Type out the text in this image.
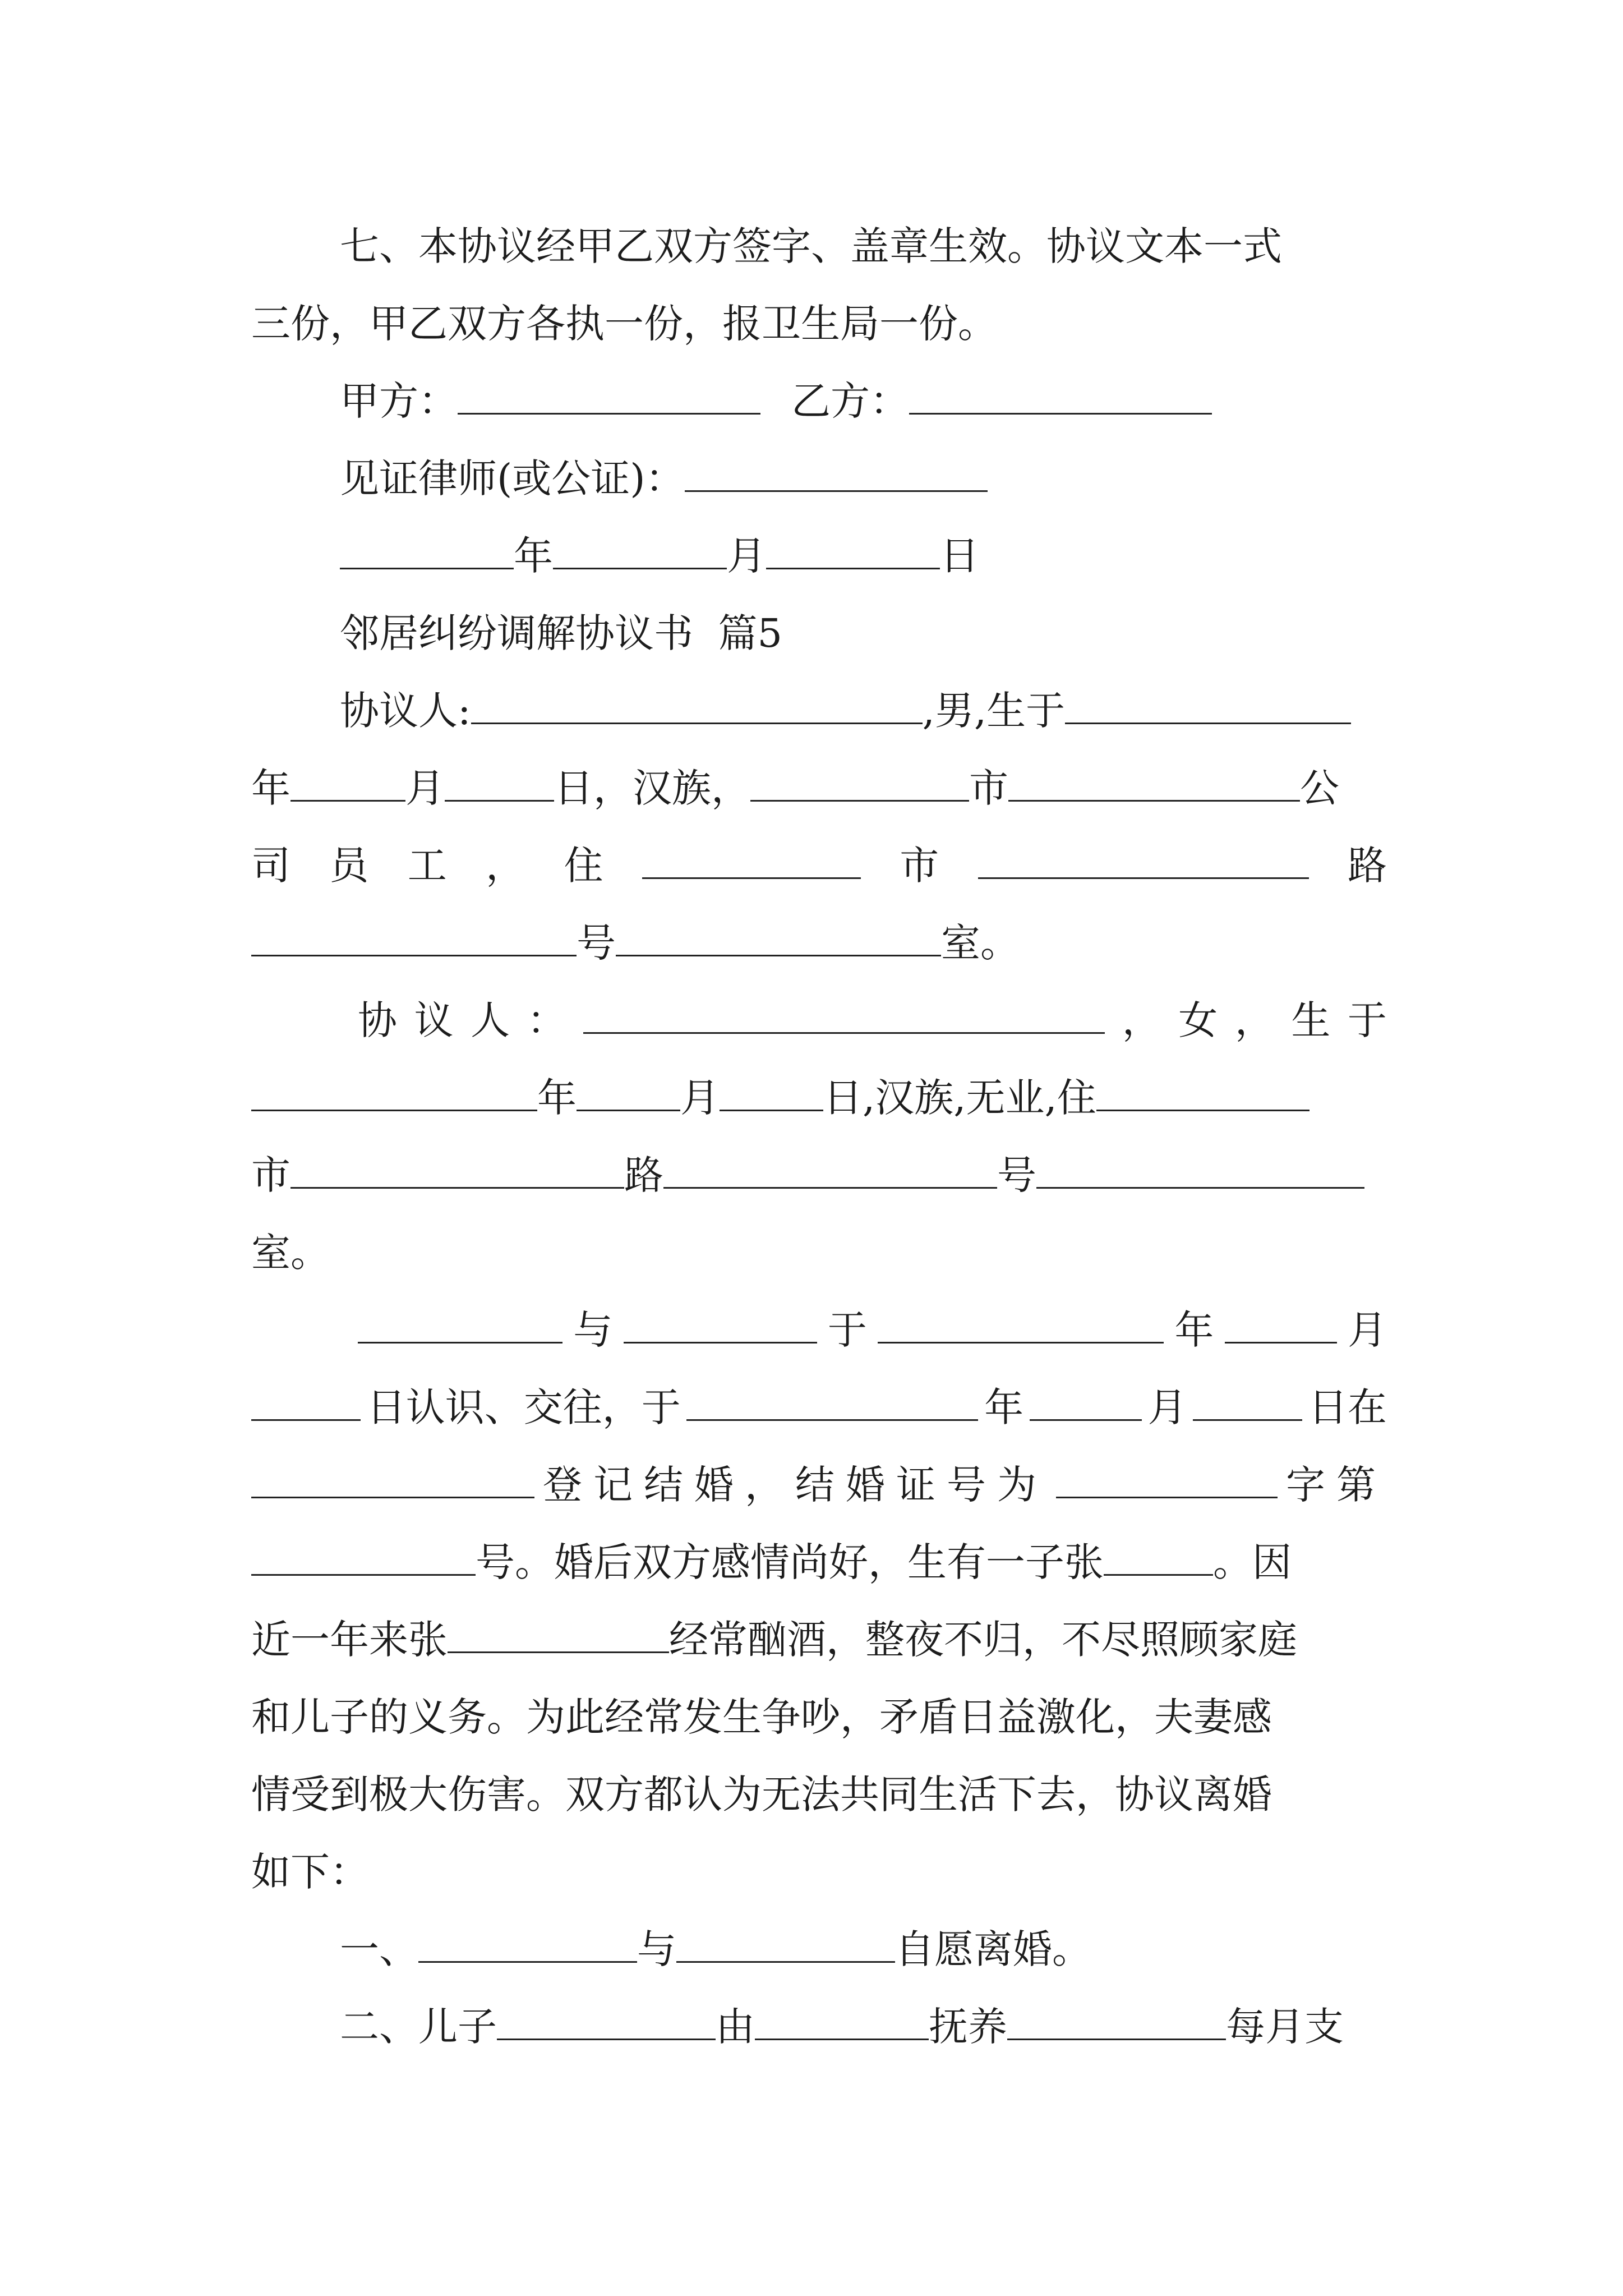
七、本协议经甲乙双方签字、盖章生效。协议文本一式
三份，甲乙双方各执一份，报卫生局一份。
甲方：	乙方：
见证律师(或公证)：
年	月	日
邻居纠纷调解协议书  篇5
协议人:	,男,生于
年	月	日，汉族，	市	公
司 员 工 ， 住	市	路
号	室。
协 议 人 ：	， 女 ， 生 于
年	月	日,汉族,无业,住
市	路	号
室。
与	于	年	月
日认识、交往，于	年	月	日在
登记结婚，结婚证号为	字第
号。婚后双方感情尚好，生有一子张	。因
近一年来张	经常酗酒，整夜不归，不尽照顾家庭
和儿子的义务。为此经常发生争吵，矛盾日益激化，夫妻感
情受到极大伤害。双方都认为无法共同生活下去，协议离婚
如下：
一、	与	自愿离婚。
二、儿子	由	抚养	每月支
